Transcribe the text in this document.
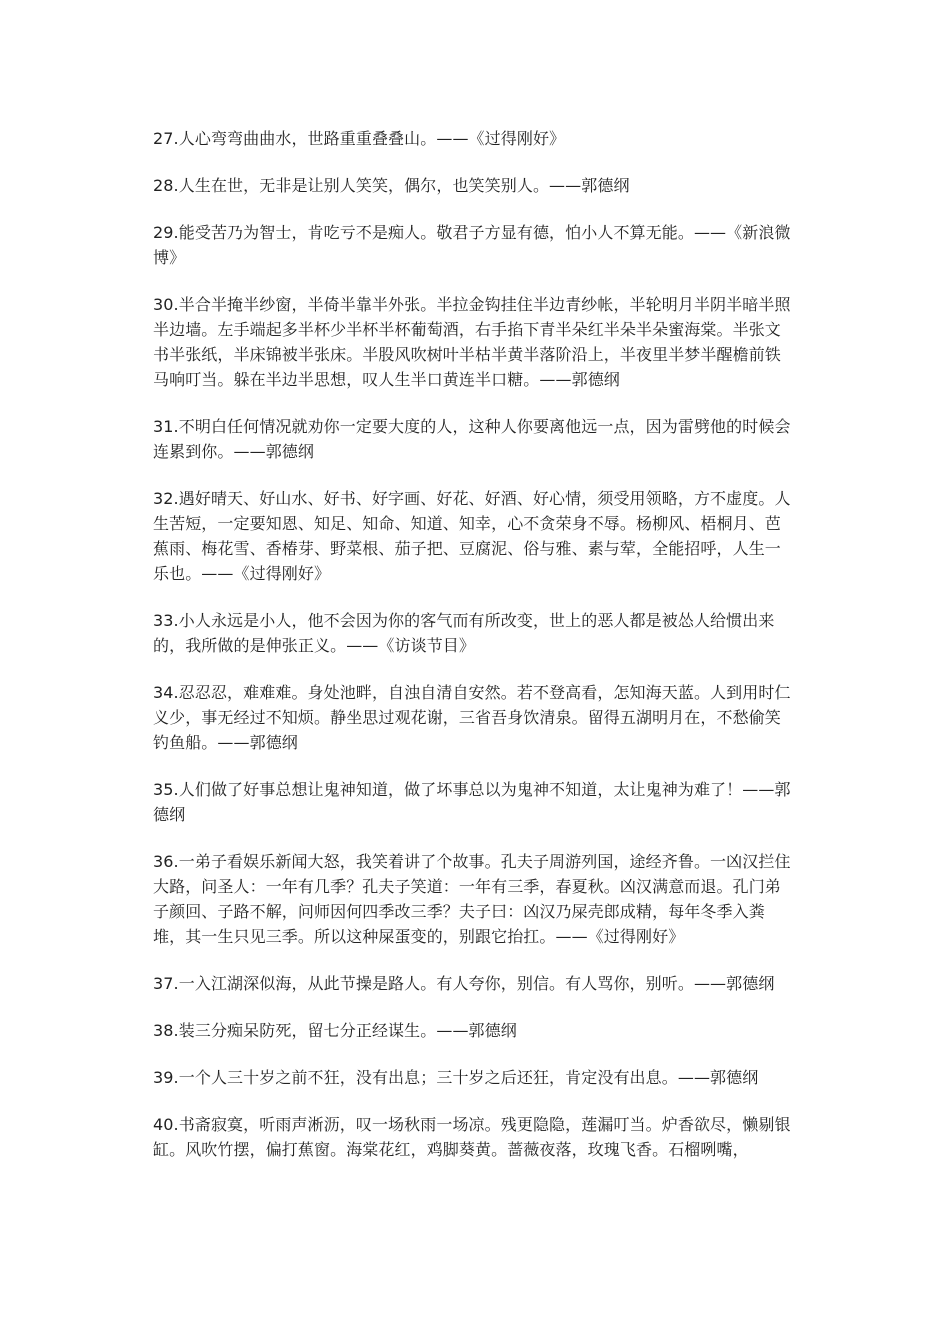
27.人心弯弯曲曲水，世路重重叠叠山。——《过得刚好》
28.人生在世，无非是让别人笑笑，偶尔，也笑笑别人。——郭德纲
29.能受苦乃为智士，肯吃亏不是痴人。敬君子方显有德，怕小人不算无能。——《新浪微博》
30.半合半掩半纱窗，半倚半靠半外张。半拉金钩挂住半边青纱帐，半轮明月半阴半暗半照半边墙。左手端起多半杯少半杯半杯葡萄酒，右手掐下青半朵红半朵半朵蜜海棠。半张文书半张纸，半床锦被半张床。半股风吹树叶半枯半黄半落阶沿上，半夜里半梦半醒檐前铁马响叮当。躲在半边半思想，叹人生半口黄连半口糖。——郭德纲
31.不明白任何情况就劝你一定要大度的人，这种人你要离他远一点，因为雷劈他的时候会连累到你。——郭德纲
32.遇好晴天、好山水、好书、好字画、好花、好酒、好心情，须受用领略，方不虚度。人生苦短，一定要知恩、知足、知命、知道、知幸，心不贪荣身不辱。杨柳风、梧桐月、芭蕉雨、梅花雪、香椿芽、野菜根、茄子把、豆腐泥、俗与雅、素与荤，全能招呼，人生一乐也。——《过得刚好》
33.小人永远是小人，他不会因为你的客气而有所改变，世上的恶人都是被怂人给惯出来的，我所做的是伸张正义。——《访谈节目》
34.忍忍忍，难难难。身处池畔，自浊自清自安然。若不登高看，怎知海天蓝。人到用时仁义少，事无经过不知烦。静坐思过观花谢，三省吾身饮清泉。留得五湖明月在，不愁偷笑钓鱼船。——郭德纲
35.人们做了好事总想让鬼神知道，做了坏事总以为鬼神不知道，太让鬼神为难了！——郭德纲
36.一弟子看娱乐新闻大怒，我笑着讲了个故事。孔夫子周游列国，途经齐鲁。一凶汉拦住大路，问圣人：一年有几季？孔夫子笑道：一年有三季，春夏秋。凶汉满意而退。孔门弟子颜回、子路不解，问师因何四季改三季？夫子曰：凶汉乃屎壳郎成精，每年冬季入粪堆，其一生只见三季。所以这种屎蛋变的，别跟它抬扛。——《过得刚好》
37.一入江湖深似海，从此节操是路人。有人夸你，别信。有人骂你，别听。——郭德纲
38.装三分痴呆防死，留七分正经谋生。——郭德纲
39.一个人三十岁之前不狂，没有出息；三十岁之后还狂，肯定没有出息。——郭德纲
40.书斋寂寞，听雨声淅沥，叹一场秋雨一场凉。残更隐隐，莲漏叮当。炉香欲尽，懒剔银缸。风吹竹摆，偏打蕉窗。海棠花红，鸡脚葵黄。蔷薇夜落，玫瑰飞香。石榴咧嘴，
